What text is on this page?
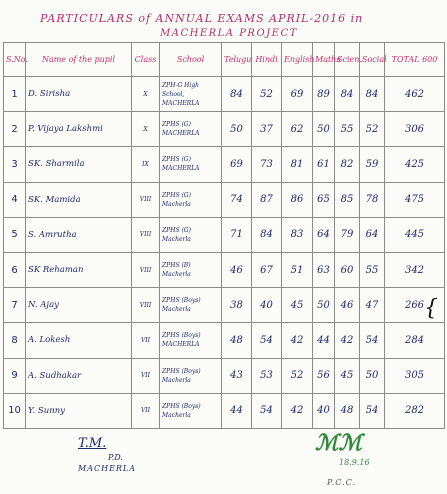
PARTICULARS of ANNUAL EXAMS APRIL-2016 in
MACHERLA PROJECT
S.No.	Name of the pupil	Class	School	Telugu	Hindi	English	Maths	Scien.	Social	TOTAL 600
1	D. Sirisha	X	ZPH-G High School, MACHERLA	84	52	69	89	84	84	462
2	P. Vijaya Lakshmi	X	ZPHS (G) MACHERLA	50	37	62	50	55	52	306
3	SK. Sharmila	IX	ZPHS (G) MACHERLA	69	73	81	61	82	59	425
4	SK. Mamida	VIII	ZPHS (G) Macherla	74	87	86	65	85	78	475
5	S. Amrutha	VIII	ZPHS (G) Macherla	71	84	83	64	79	64	445
6	SK Rehaman	VIII	ZPHS (B) Macherla	46	67	51	63	60	55	342
7	N. Ajay	VIII	ZPHS (Boys) Macherla	38	40	45	50	46	47	266
8	A. Lokesh	VII	ZPHS (Boys) MACHERLA	48	54	42	44	42	54	284
9	A. Sudhakar	VII	ZPHS (Boys) Macherla	43	53	52	56	45	50	305
10	Y. Sunny	VII	ZPHS (Boys) Macherla	44	54	42	40	48	54	282
{
T.M.
P.D.
MACHERLA
ℳℳ
18.9.16
P.C.C.
